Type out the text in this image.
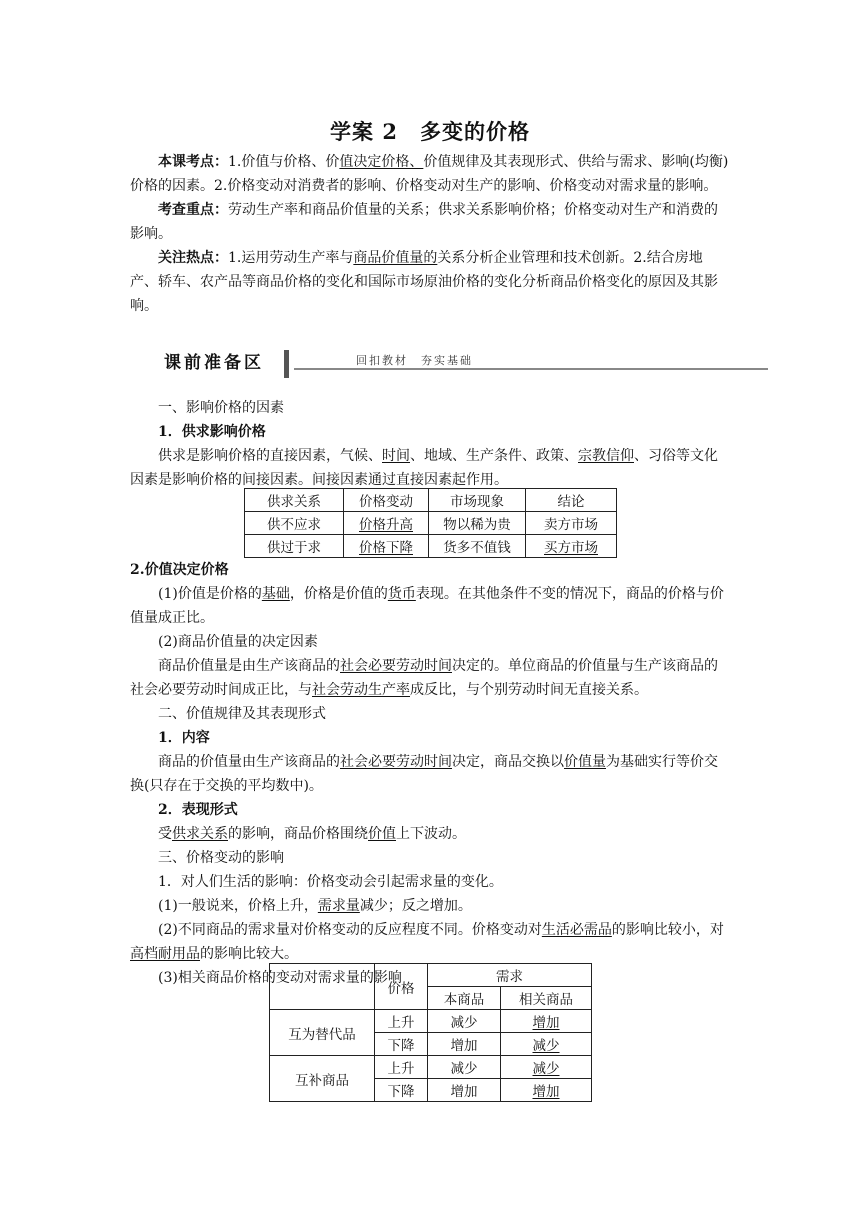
学案 2　多变的价格

本课考点：1.价值与价格、价值决定价格、价值规律及其表现形式、供给与需求、影响(均衡)价格的因素。2.价格变动对消费者的影响、价格变动对生产的影响、价格变动对需求量的影响。

考查重点：劳动生产率和商品价值量的关系；供求关系影响价格；价格变动对生产和消费的影响。

关注热点：1.运用劳动生产率与商品价值量的关系分析企业管理和技术创新。2.结合房地产、轿车、农产品等商品价格的变化和国际市场原油价格的变化分析商品价格变化的原因及其影响。

课前准备区	回扣教材　夯实基础

一、影响价格的因素

1．供求影响价格

供求是影响价格的直接因素，气候、时间、地域、生产条件、政策、宗教信仰、习俗等文化因素是影响价格的间接因素。间接因素通过直接因素起作用。

供求关系	价格变动	市场现象	结论
供不应求	价格升高	物以稀为贵	卖方市场
供过于求	价格下降	货多不值钱	买方市场

2.价值决定价格

(1)价值是价格的基础，价格是价值的货币表现。在其他条件不变的情况下，商品的价格与价值量成正比。

(2)商品价值量的决定因素

商品价值量是由生产该商品的社会必要劳动时间决定的。单位商品的价值量与生产该商品的社会必要劳动时间成正比，与社会劳动生产率成反比，与个别劳动时间无直接关系。

二、价值规律及其表现形式

1．内容

商品的价值量由生产该商品的社会必要劳动时间决定，商品交换以价值量为基础实行等价交换(只存在于交换的平均数中)。

2．表现形式

受供求关系的影响，商品价格围绕价值上下波动。

三、价格变动的影响

1．对人们生活的影响：价格变动会引起需求量的变化。

(1)一般说来，价格上升，需求量减少；反之增加。

(2)不同商品的需求量对价格变动的反应程度不同。价格变动对生活必需品的影响比较小，对高档耐用品的影响比较大。

(3)相关商品价格的变动对需求量的影响

	价格	需求	
		本商品	相关商品
互为替代品	上升	减少	增加
	下降	增加	减少
互补商品	上升	减少	减少
	下降	增加	增加
